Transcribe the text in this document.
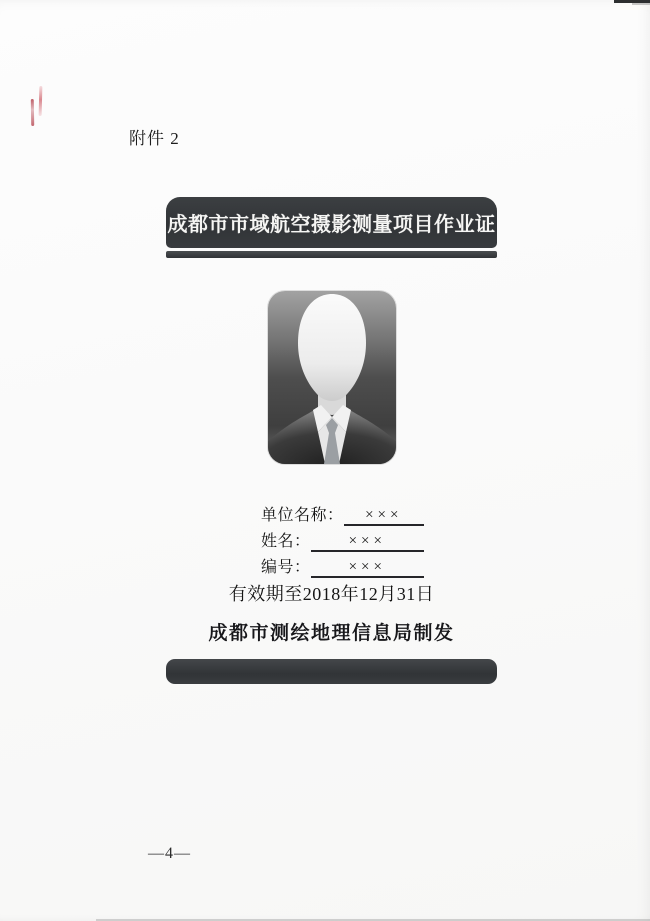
附件 2
成都市市域航空摄影测量项目作业证
单位名称：	×××
姓名：	×××
编号：	×××
有效期至2018年12月31日
成都市测绘地理信息局制发
—4—
